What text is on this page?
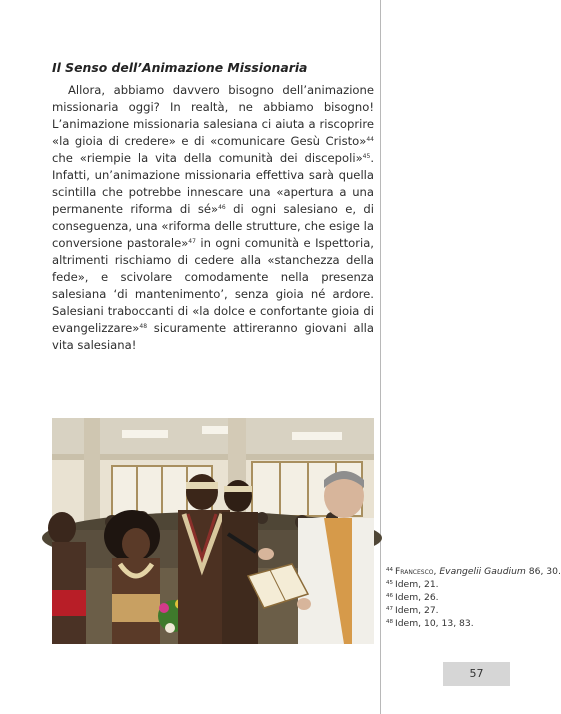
Il Senso dell’Animazione Missionaria

Allora, abbiamo davvero bisogno dell’animazione missionaria oggi? In realtà, ne abbiamo bisogno! L’animazione missionaria salesiana ci aiuta a riscoprire «la gioia di credere» e di «comunicare Gesù Cristo»$^{44}$ che «riempie la vita della comunità dei discepoli»$^{45}$. Infatti, un’animazione missionaria effettiva sarà quella scintilla che potrebbe innescare una «apertura a una permanente riforma di sé»$^{46}$ di ogni salesiano e, di conseguenza, una «riforma delle strutture, che esige la conversione pastorale»$^{47}$ in ogni comunità e Ispettoria, altrimenti rischiamo di cedere alla «stanchezza della fede», e scivolare comodamente nella presenza salesiana ‘di mantenimento’, senza gioia né ardore. Salesiani traboccanti di «la dolce e confortante gioia di evangelizzare»$^{48}$ sicuramente attireranno giovani alla vita salesiana!

$^{44}$ Francesco, Evangelii Gaudium 86, 30.

$^{45}$ Idem, 21.

$^{46}$ Idem, 26.

$^{47}$ Idem, 27.

$^{48}$ Idem, 10, 13, 83.

57
